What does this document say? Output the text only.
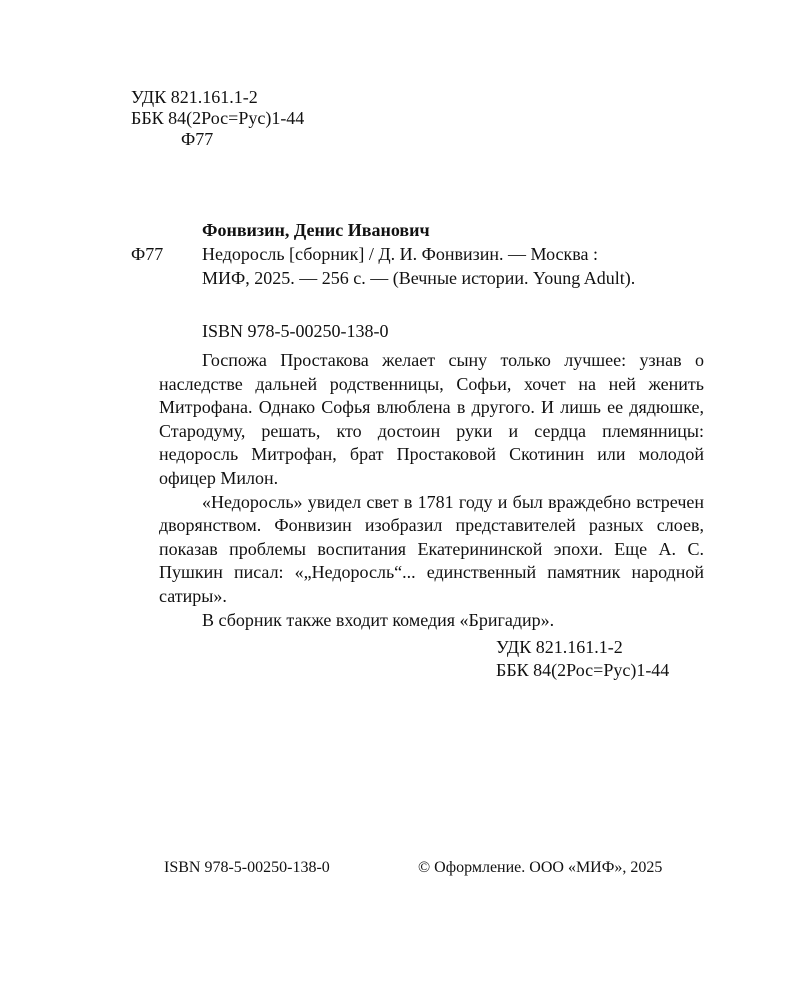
УДК 821.161.1-2
ББК 84(2Рос=Рус)1-44
Ф77
Фонвизин, Денис Иванович
Ф77 Недоросль [сборник] / Д. И. Фонвизин. — Москва :
МИФ, 2025. — 256 с. — (Вечные истории. Young Adult).
ISBN 978-5-00250-138-0

Госпожа Простакова желает сыну только лучшее: узнав о наследстве дальней родственницы, Софьи, хочет на ней женить Митрофана. Однако Софья влюблена в другого. И лишь ее дядюшке, Стародуму, решать, кто достоин руки и сердца племянницы: недоросль Митрофан, брат Простаковой Скотинин или молодой офицер Милон.

«Недоросль» увидел свет в 1781 году и был враждебно встречен дворянством. Фонвизин изобразил представителей разных слоев, показав проблемы воспитания Екатерининской эпохи. Еще А. С. Пушкин писал: «„Недоросль“... единственный памятник народной сатиры».

В сборник также входит комедия «Бригадир».

УДК 821.161.1-2
ББК 84(2Рос=Рус)1-44
ISBN 978-5-00250-138-0	© Оформление. ООО «МИФ», 2025
